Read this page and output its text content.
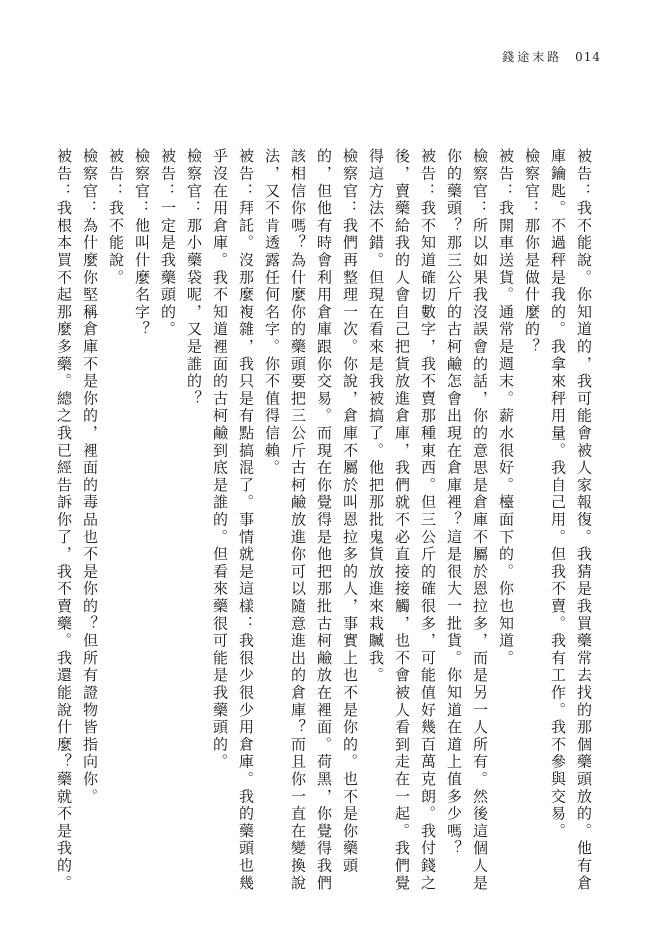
錢途末路 014

被告：我不能說。你知道的，我可能會被人家報復。我猜是我買藥常去找的那個藥頭放的。他有倉庫鑰匙。不過秤是我的。我拿來秤用量。我自己用。但我不賣。我有工作。我不參與交易。

檢察官：那你是做什麼的？

被告：我開車送貨。通常是週末。薪水很好。檯面下的。你也知道。

檢察官：所以如果我沒誤會的話，你的意思是倉庫不屬於恩拉多，而是另一人所有。然後這個人是你的藥頭？那三公斤的古柯鹼怎會出現在倉庫裡？這是很大一批貨。你知道在道上值多少嗎？

被告：我不知道確切數字，我不賣那種東西。但三公斤的確很多，可能值好幾百萬克朗。我付錢之後，賣藥給我的人會自己把貨放進倉庫，我們就不必直接接觸，也不會被人看到走在一起。我們覺得這方法不錯。但現在看來是我被搞了。他把那批鬼貨放進來栽贓我。

檢察官：我們再整理一次。你說，倉庫不屬於叫恩拉多的人，事實上也不是你的。也不是你藥頭的，但他有時會利用倉庫跟你交易。而現在你覺得是他把那批古柯鹼放在裡面。荷黑，你覺得我們該相信你嗎？為什麼你的藥頭要把三公斤古柯鹼放進你可以隨意進出的倉庫？而且你一直在變換說法，又不肯透露任何名字。你不值得信賴。

被告：拜託。沒那麼複雜，我只是有點搞混了。事情就是這樣：我很少很少用倉庫。我的藥頭也幾乎沒在用倉庫。我不知道裡面的古柯鹼到底是誰的。但看來藥很可能是我藥頭的。

檢察官：那小藥袋呢，又是誰的？

被告：一定是我藥頭的。

檢察官：他叫什麼名字？

被告：我不能說。

檢察官：為什麼你堅稱倉庫不是你的，裡面的毒品也不是你的？但所有證物皆指向你。

被告：我根本買不起那麼多藥。總之我已經告訴你了，我不賣藥。我還能說什麼？藥就不是我的。
